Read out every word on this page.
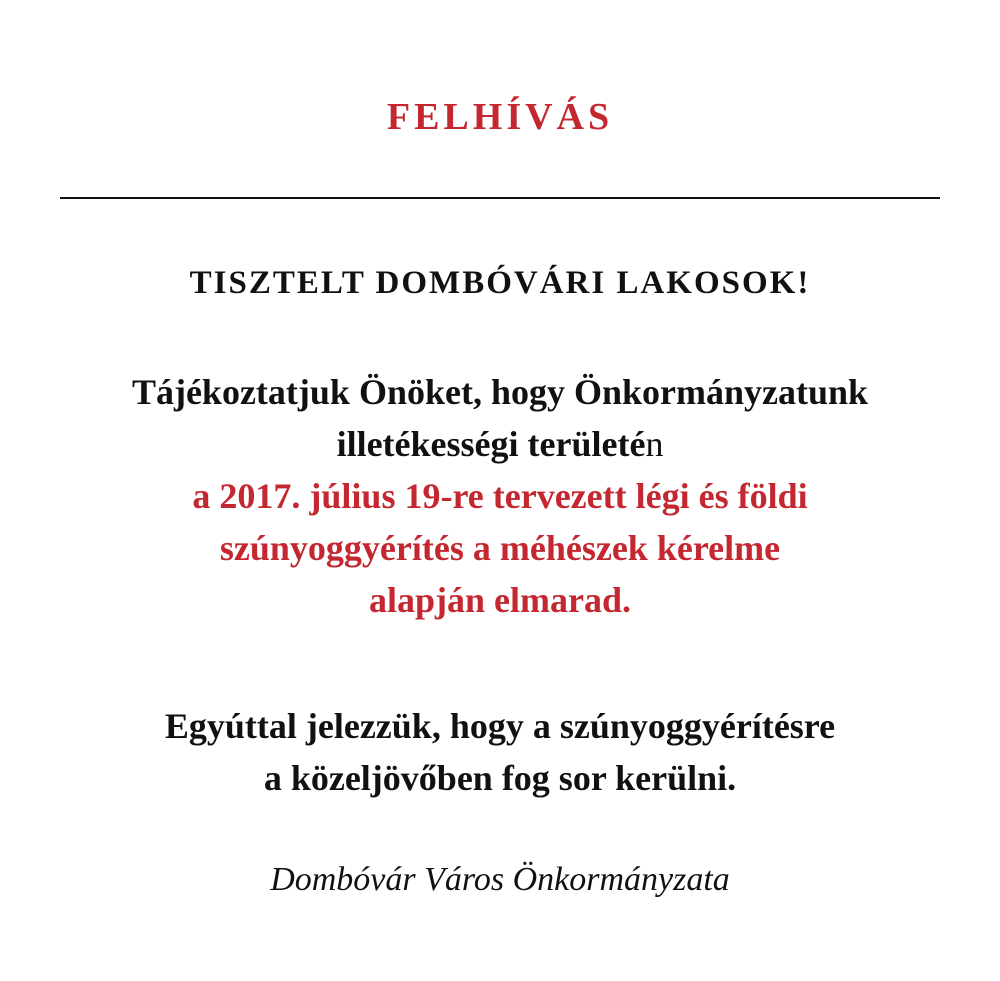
FELHÍVÁS
TISZTELT DOMBÓVÁRI LAKOSOK!
Tájékoztatjuk Önöket, hogy Önkormányzatunk
illetékességi területén
a 2017. július 19-re tervezett légi és földi
szúnyoggyérítés a méhészek kérelme
alapján elmarad.
Egyúttal jelezzük, hogy a szúnyoggyérítésre
a közeljövőben fog sor kerülni.
Dombóvár Város Önkormányzata
